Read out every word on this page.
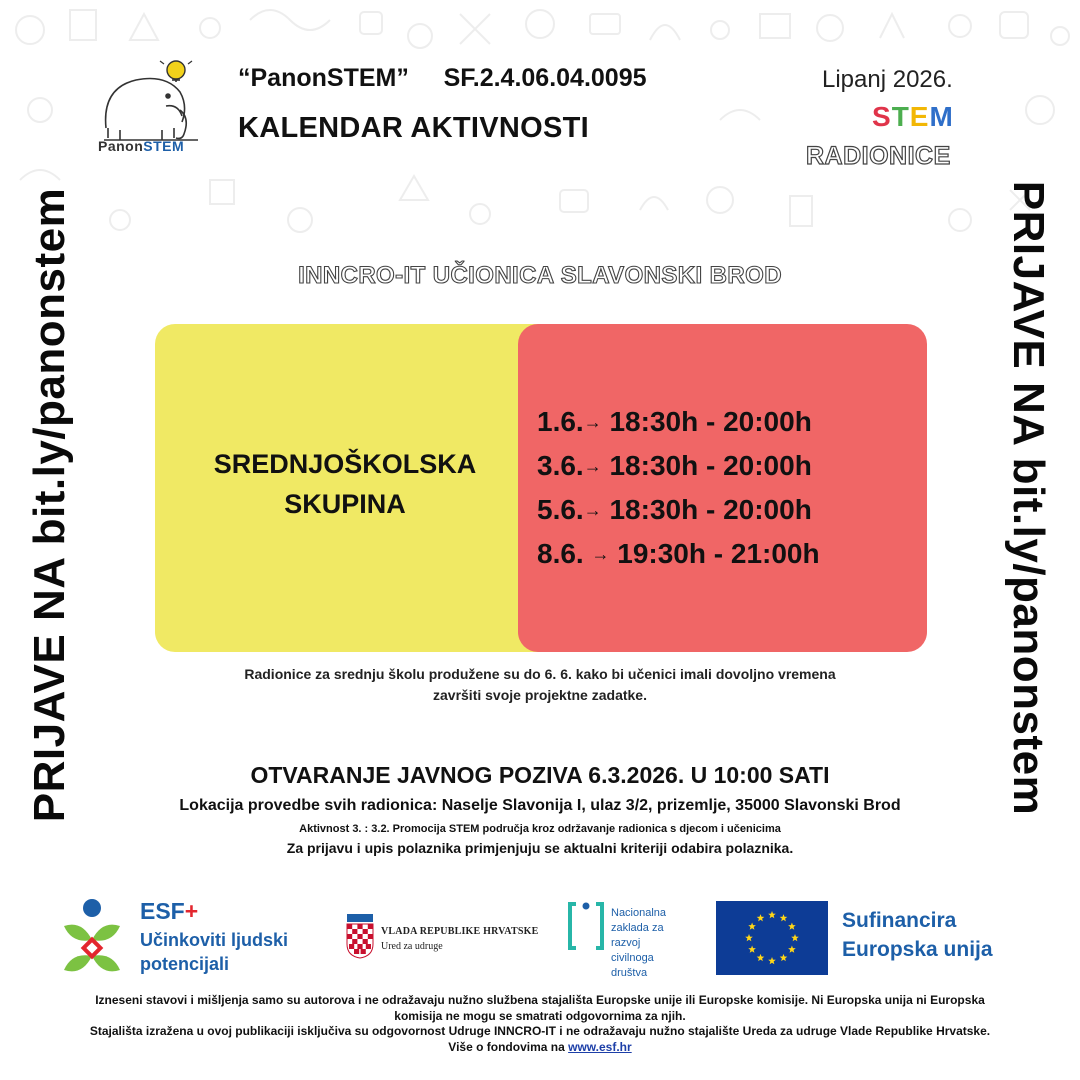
PanonSTEM
“PanonSTEM” SF.2.4.06.04.0095
KALENDAR AKTIVNOSTI
Lipanj 2026.
STEM
RADIONICE
PRIJAVE NA bit.ly/panonstem	PRIJAVE NA bit.ly/panonstem
INNCRO-IT UČIONICA SLAVONSKI BROD
SREDNJOŠKOLSKA
SKUPINA
1.6.→ 18:30h - 20:00h
3.6.→ 18:30h - 20:00h
5.6.→ 18:30h - 20:00h
8.6. → 19:30h - 21:00h
Radionice za srednju školu produžene su do 6. 6. kako bi učenici imali dovoljno vremena
završiti svoje projektne zadatke.
OTVARANJE JAVNOG POZIVA 6.3.2026. U 10:00 SATI
Lokacija provedbe svih radionica: Naselje Slavonija I, ulaz 3/2, prizemlje, 35000 Slavonski Brod
Aktivnost 3. : 3.2. Promocija STEM područja kroz održavanje radionica s djecom i učenicima
Za prijavu i upis polaznika primjenjuju se aktualni kriteriji odabira polaznika.
ESF+
Učinkoviti ljudski
potencijali
VLADA REPUBLIKE HRVATSKE
Ured za udruge
Nacionalna
zaklada za
razvoj
civilnoga
društva
Sufinancira
Europska unija
Izneseni stavovi i mišljenja samo su autorova i ne odražavaju nužno službena stajališta Europske unije ili Europske komisije. Ni Europska unija ni Europska
komisija ne mogu se smatrati odgovornima za njih.
Stajališta izražena u ovoj publikaciji isključiva su odgovornost Udruge INNCRO-IT i ne odražavaju nužno stajalište Ureda za udruge Vlade Republike Hrvatske.
Više o fondovima na www.esf.hr
